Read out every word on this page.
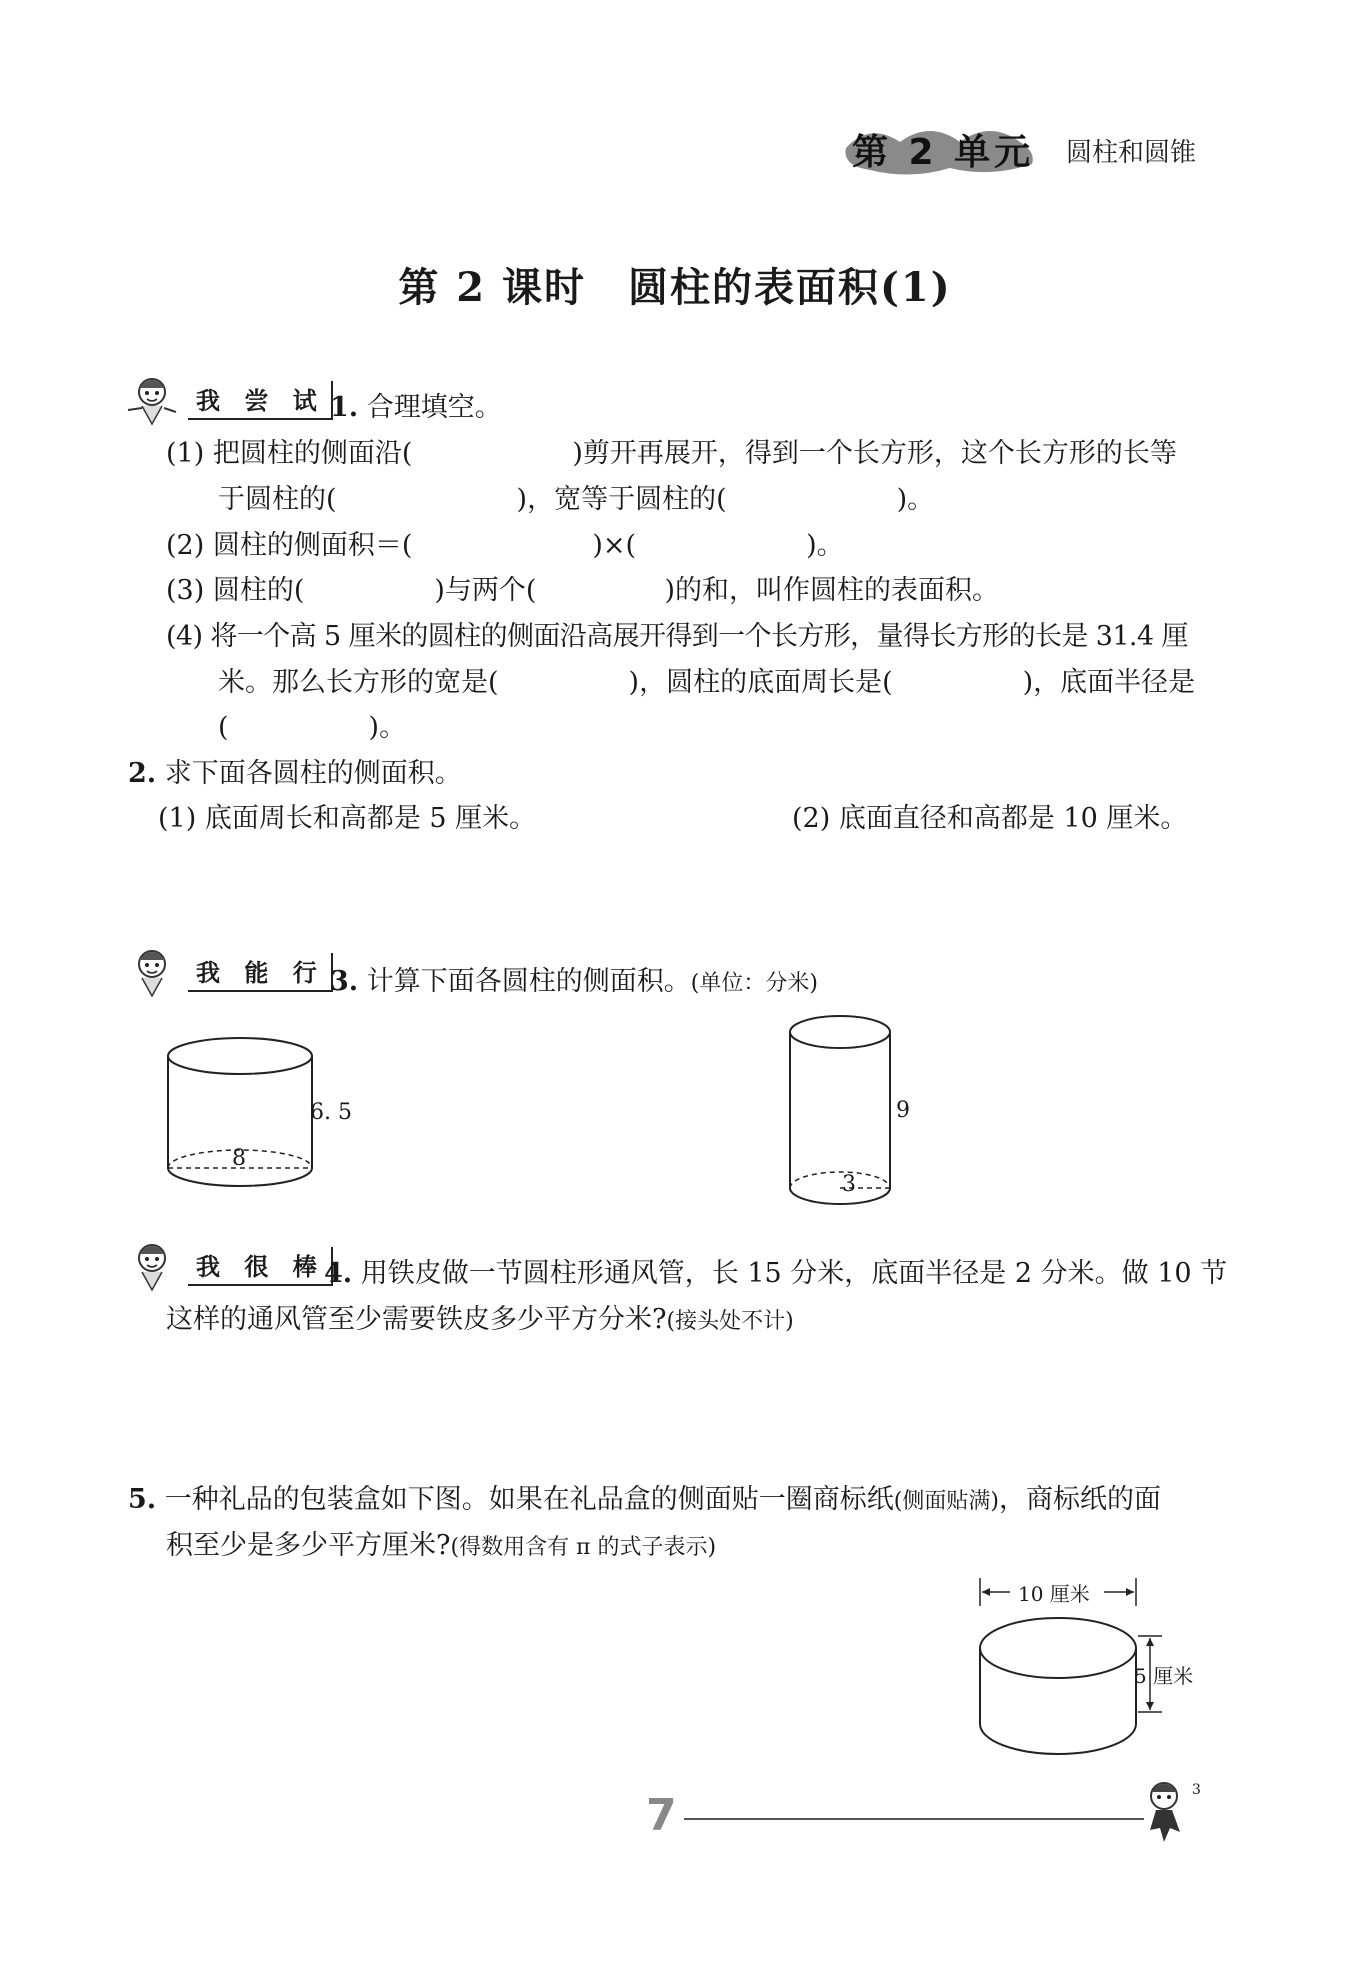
第 2 单元 圆柱和圆锥
第 2 课时　圆柱的表面积(1)
我 尝 试 1. 合理填空。
(1) 把圆柱的侧面沿(	)剪开再展开，得到一个长方形，这个长方形的长等
于圆柱的(	)，宽等于圆柱的(	)。
(2) 圆柱的侧面积＝(	)×(	)。
(3) 圆柱的(	)与两个(	)的和，叫作圆柱的表面积。
(4) 将一个高 5 厘米的圆柱的侧面沿高展开得到一个长方形，量得长方形的长是 31.4 厘
米。那么长方形的宽是(	)，圆柱的底面周长是(	)，底面半径是
(	)。
2. 求下面各圆柱的侧面积。
(1) 底面周长和高都是 5 厘米。	(2) 底面直径和高都是 10 厘米。
我 能 行 3. 计算下面各圆柱的侧面积。(单位：分米)
6. 5
8
9
3
我 很 棒 4. 用铁皮做一节圆柱形通风管，长 15 分米，底面半径是 2 分米。做 10 节
这样的通风管至少需要铁皮多少平方分米?(接头处不计)
5. 一种礼品的包装盒如下图。如果在礼品盒的侧面贴一圈商标纸(侧面贴满)，商标纸的面
积至少是多少平方厘米?(得数用含有 π 的式子表示)
10 厘米
5 厘米
7	3
